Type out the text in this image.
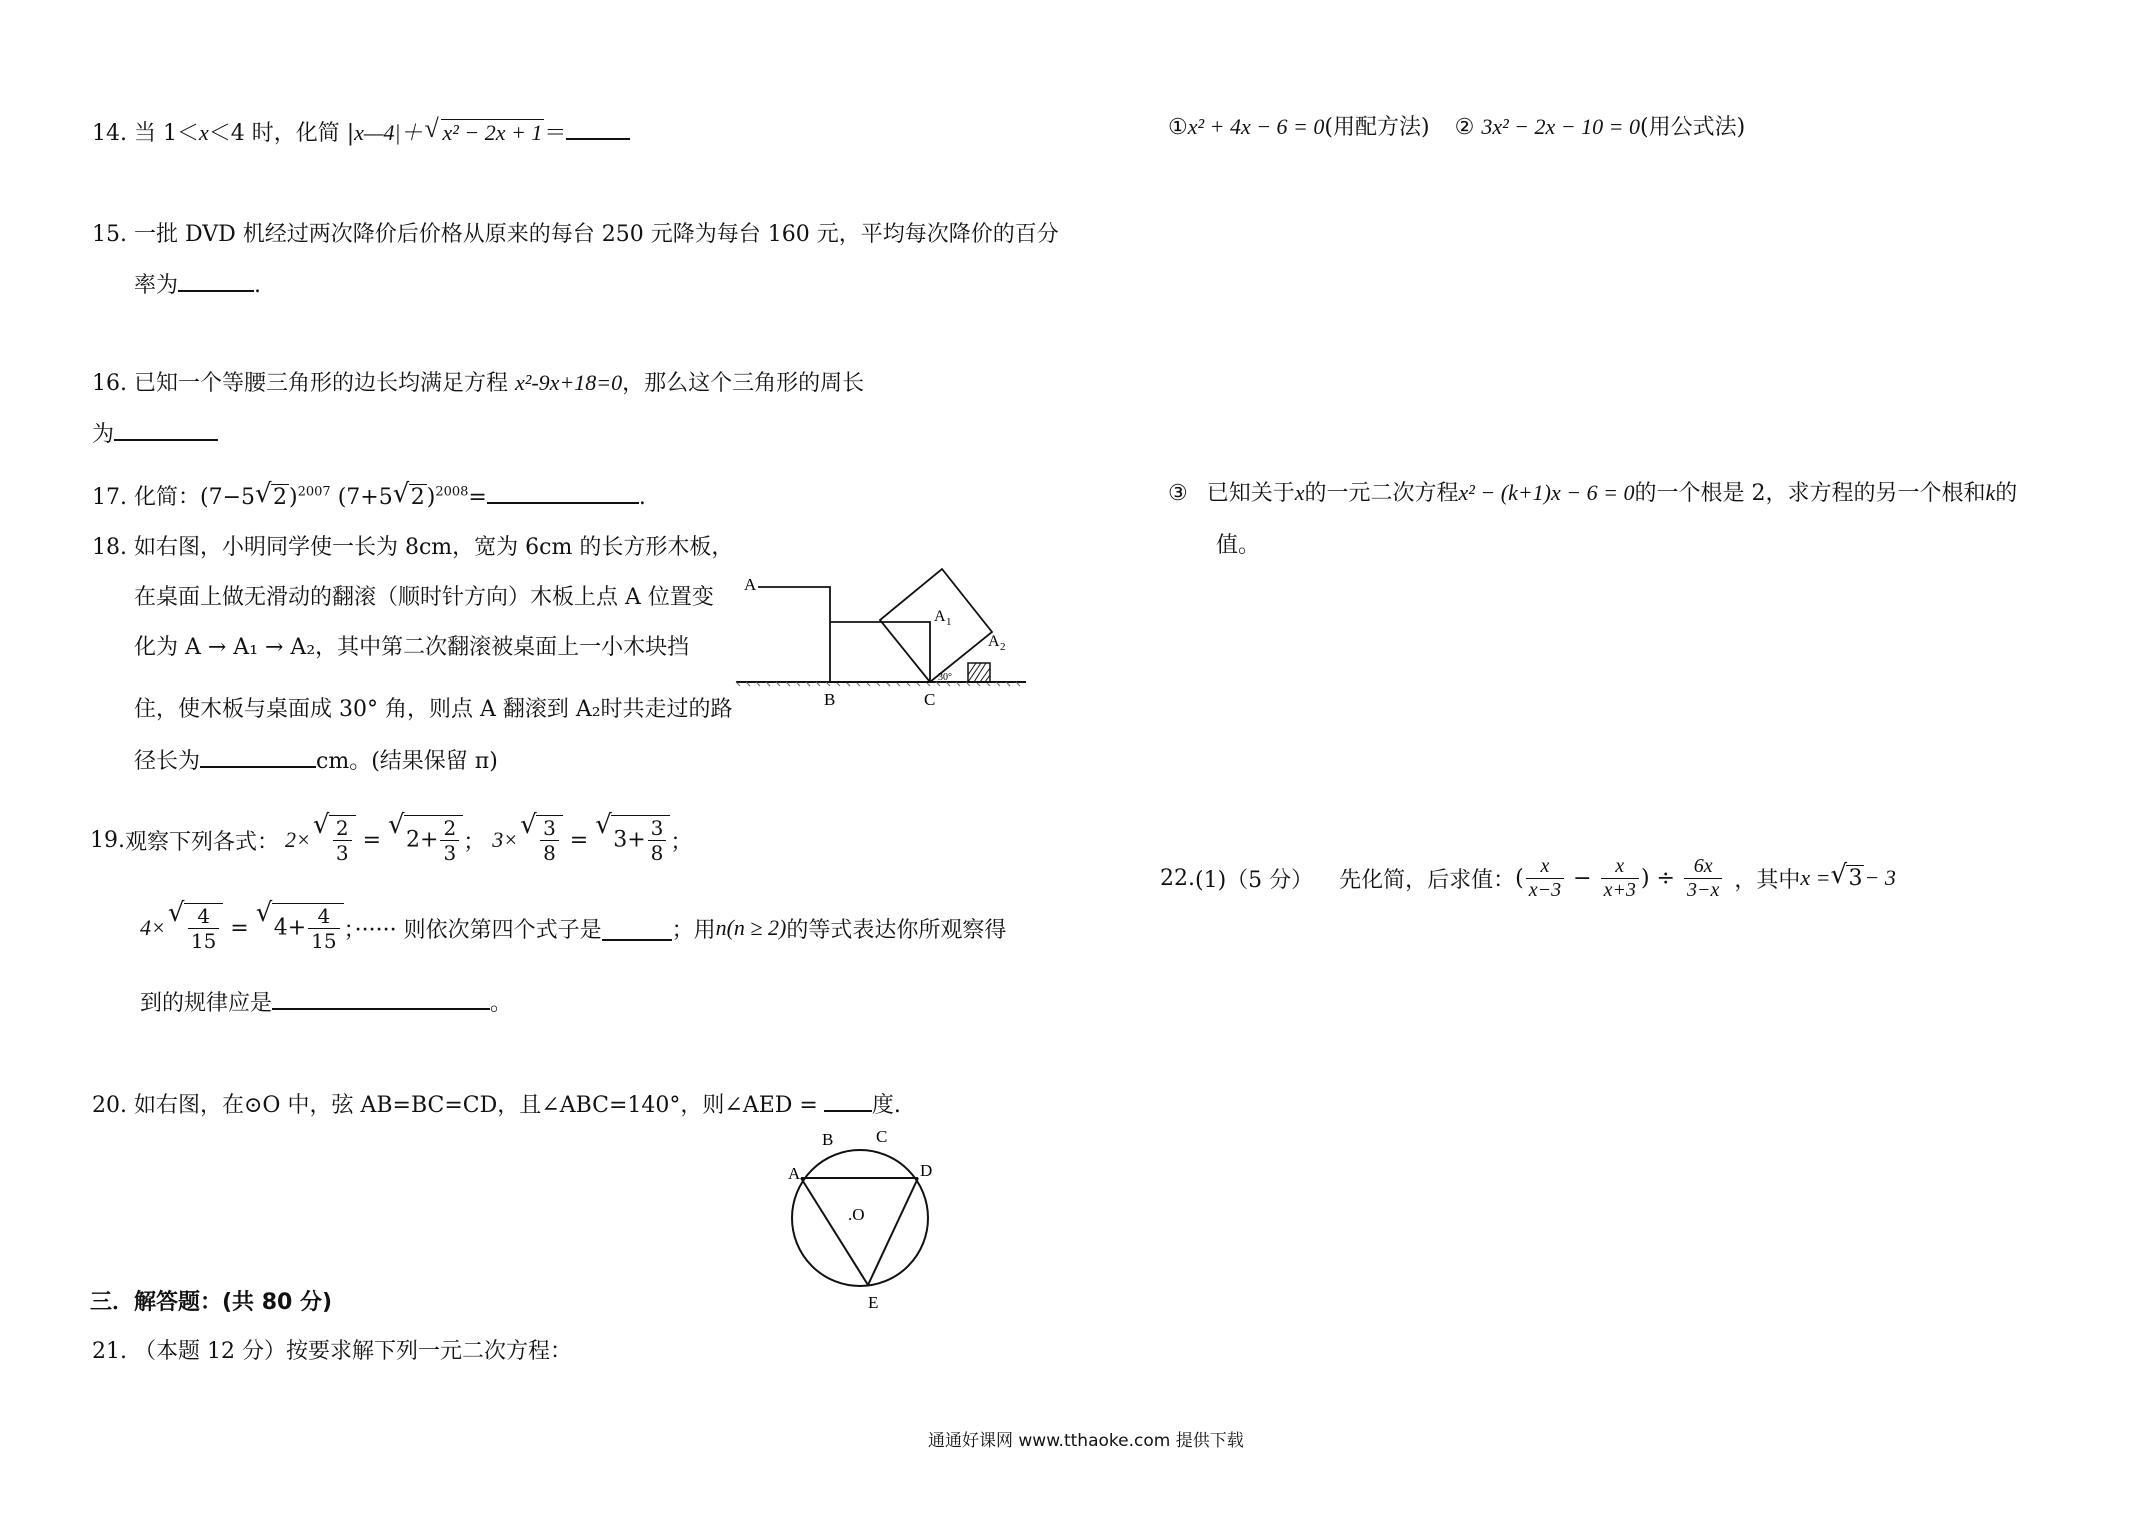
14. 当 1＜x＜4 时，化简 |x—4|＋ √ x² − 2x + 1＝
15. 一批 DVD 机经过两次降价后价格从原来的每台 250 元降为每台 160 元，平均每次降价的百分
率为	.
16. 已知一个等腰三角形的边长均满足方程 x²-9x+18=0，那么这个三角形的周长
为
17. 化简：(7−5 √ 2)$^{2007}$ (7+5 √ 2)$^{2008}$=	.
18. 如右图，小明同学使一长为 8cm，宽为 6cm 的长方形木板，
在桌面上做无滑动的翻滚（顺时针方向）木板上点 A 位置变
化为 A → A₁ → A₂，其中第二次翻滚被桌面上一小木块挡
住，使木板与桌面成 30° 角，则点 A 翻滚到 A₂时共走过的路
径长为	cm。(结果保留 π)
A
A 1
A 2
B	C
30°
19. 观察下列各式： 2× √ $\frac{2}{3}$ = √ $2+ \frac{2}{3}$ ； 3× √ $\frac{3}{8}$ = √ $3+ \frac{3}{8}$ ；
4× √ $\frac{4}{15}$ = √ $4+ \frac{4}{15}$ ；······ 则依次第四个式子是	；用 n(n ≥ 2) 的等式表达你所观察得
到的规律应是	。
20. 如右图，在⊙O 中，弦 AB=BC=CD，且∠ABC=140°，则∠AED = 度.
A
B	C
D
E
.O
三．解答题：(共 80 分)
21. （本题 12 分）按要求解下列一元二次方程：
①x² + 4x − 6 = 0(用配方法) ② 3x² − 2x − 10 = 0(用公式法)
③ 已知关于x的一元二次方程x² − (k+1)x − 6 = 0的一个根是 2，求方程的另一个根和k的
值。
22. (1)（5 分） 先化简，后求值： ( $\frac{x}{x-3} - \frac{x}{x+3}$ ) ÷ $\frac{6x}{3-x}$ ，其中 x = √ 3 − 3
通通好课网 www.tthaoke.com 提供下载
